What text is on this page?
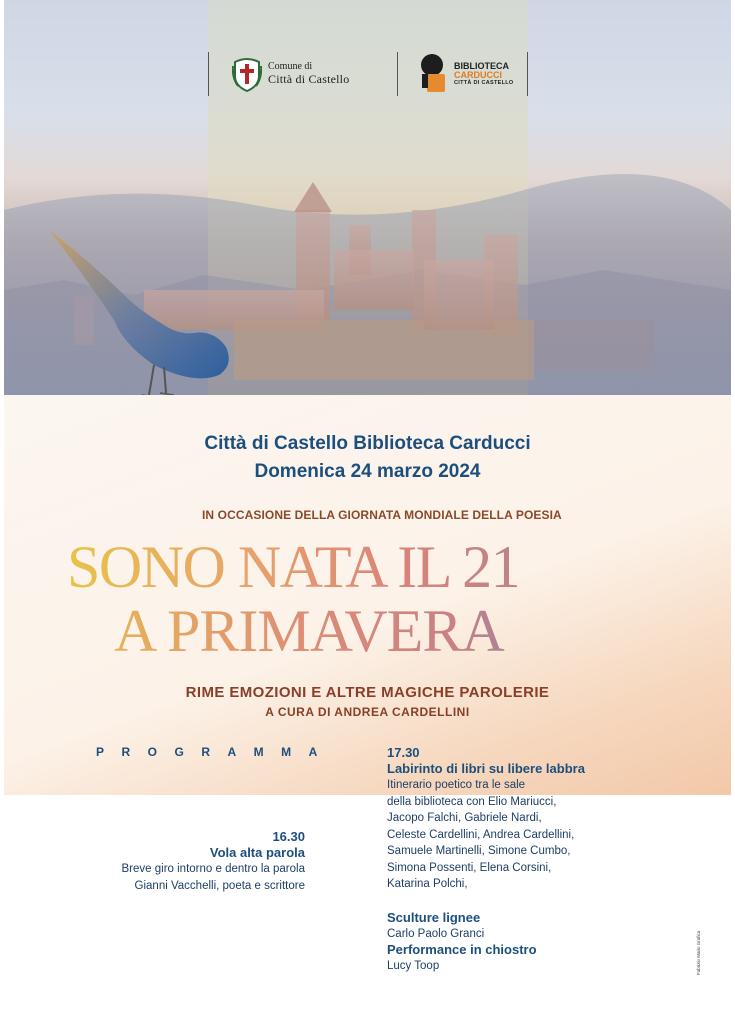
Comune di
Città di Castello
BIBLIOTECA
CARDUCCI
CITTÀ DI CASTELLO
Città di Castello Biblioteca Carducci
Domenica 24 marzo 2024
IN OCCASIONE DELLA GIORNATA MONDIALE DELLA POESIA
SONO NATA IL 21
A PRIMAVERA
RIME EMOZIONI E ALTRE MAGICHE PAROLERIE
A CURA DI ANDREA CARDELLINI
PROGRAMMA
16.30
Vola alta parola
Breve giro intorno e dentro la parola
Gianni Vacchelli, poeta e scrittore
17.30
Labirinto di libri su libere labbra
Itinerario poetico tra le sale
della biblioteca con Elio Mariucci,
Jacopo Falchi, Gabriele Nardi,
Celeste Cardellini, Andrea Cardellini,
Samuele Martinelli, Simone Cumbo,
Simona Possenti, Elena Corsini,
Katarina Polchi,
Sculture lignee
Carlo Paolo Granci
Performance in chiostro
Lucy Toop	Fabrizio Mario Grafica
